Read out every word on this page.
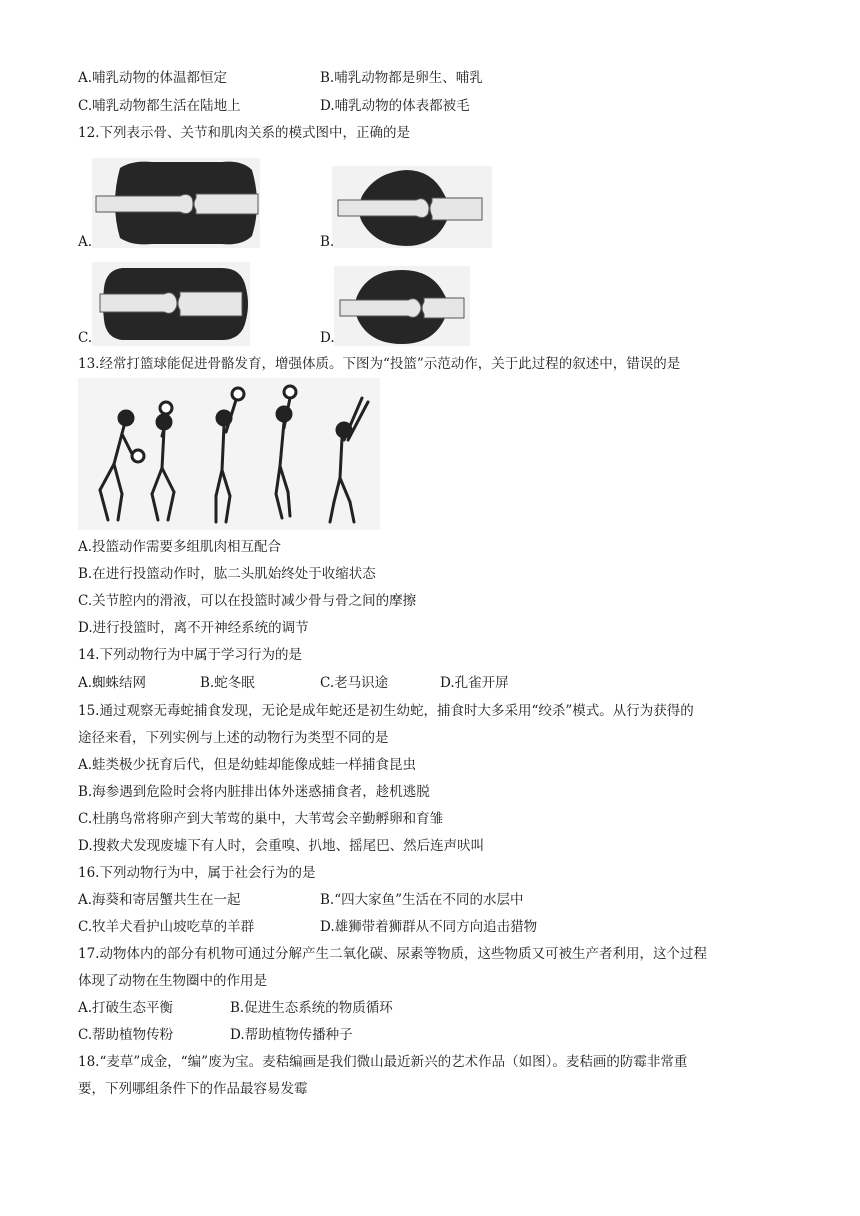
A.哺乳动物的体温都恒定	B.哺乳动物都是卵生、哺乳
C.哺乳动物都生活在陆地上	D.哺乳动物的体表都被毛
12.下列表示骨、关节和肌肉关系的模式图中，正确的是
A.	B.
C.	D.
13.经常打篮球能促进骨骼发育，增强体质。下图为“投篮”示范动作，关于此过程的叙述中，错误的是
A.投篮动作需要多组肌肉相互配合
B.在进行投篮动作时，肱二头肌始终处于收缩状态
C.关节腔内的滑液，可以在投篮时减少骨与骨之间的摩擦
D.进行投篮时，离不开神经系统的调节
14.下列动物行为中属于学习行为的是
A.蜘蛛结网	B.蛇冬眠	C.老马识途	D.孔雀开屏
15.通过观察无毒蛇捕食发现，无论是成年蛇还是初生幼蛇，捕食时大多采用“绞杀”模式。从行为获得的
途径来看，下列实例与上述的动物行为类型不同的是
A.蛙类极少抚育后代，但是幼蛙却能像成蛙一样捕食昆虫
B.海参遇到危险时会将内脏排出体外迷惑捕食者，趁机逃脱
C.杜鹃鸟常将卵产到大苇莺的巢中，大苇莺会辛勤孵卵和育雏
D.搜救犬发现废墟下有人时，会重嗅、扒地、摇尾巴、然后连声吠叫
16.下列动物行为中，属于社会行为的是
A.海葵和寄居蟹共生在一起	B.“四大家鱼”生活在不同的水层中
C.牧羊犬看护山坡吃草的羊群	D.雄狮带着狮群从不同方向追击猎物
17.动物体内的部分有机物可通过分解产生二氧化碳、尿素等物质，这些物质又可被生产者利用，这个过程
体现了动物在生物圈中的作用是
A.打破生态平衡	B.促进生态系统的物质循环
C.帮助植物传粉	D.帮助植物传播种子
18.“麦草”成金，“编”废为宝。麦秸编画是我们微山最近新兴的艺术作品（如图）。麦秸画的防霉非常重
要，下列哪组条件下的作品最容易发霉
